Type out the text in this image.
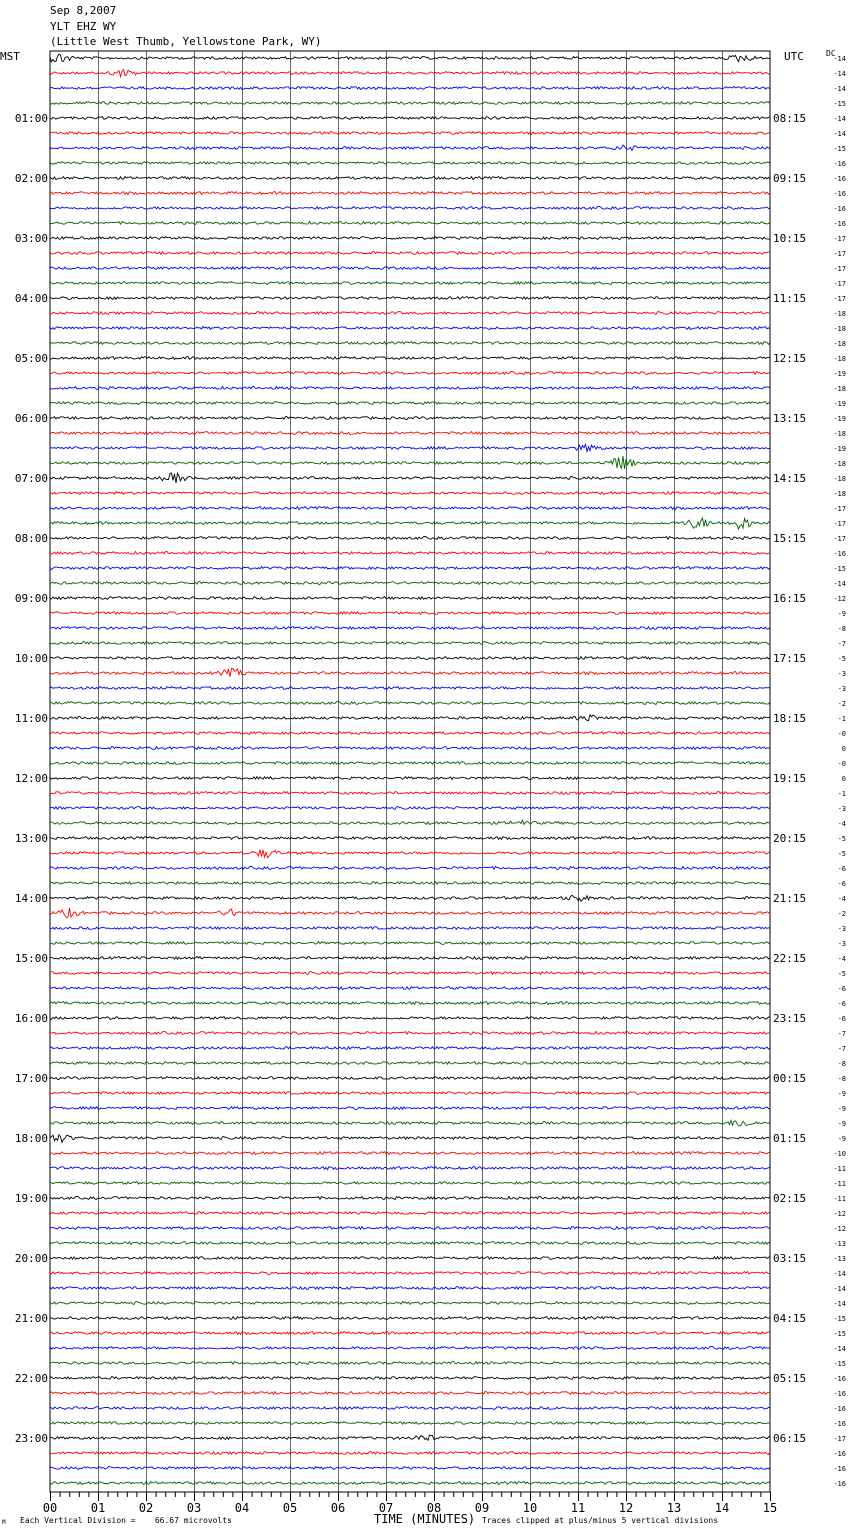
Sep 8,2007
YLT EHZ WY
(Little West Thumb, Yellowstone Park, WY)
MST	UTC	DC
00	01	02	03	04	05	06	07	08	09	10	11	12	13	14	15
-14
-14
-14
-15
-14
01:00	08:15
-14
-15
-16
-16
02:00	09:15
-16
-16
-16
-17
03:00	10:15
-17
-17
-17
-17
04:00	11:15
-18
-18
-18
-18
05:00	12:15
-19
-18
-19
-19
06:00	13:15
-18
-19
-18
-18
07:00	14:15
-18
-17
-17
-17
08:00	15:15
-16
-15
-14
-12
09:00	16:15
-9
-8
-7
-5
10:00	17:15
-3
-3
-2
-1
11:00	18:15
-0
0
-0
0
12:00	19:15
-1
-3
-4
-5
13:00	20:15
-5
-6
-6
-4
14:00	21:15
-2
-3
-3
-4
15:00	22:15
-5
-6
-6
-6
16:00	23:15
-7
-7
-8
-8
17:00	00:15
-9
-9
-9
-9
18:00	01:15
-10
-11
-11
-11
19:00	02:15
-12
-12
-13
-13
20:00	03:15
-14
-14
-14
-15
21:00	04:15
-15
-14
-15
-16
22:00	05:15
-16
-16
-16
-17
23:00	06:15
-16
-16
-16
Each Vertical Division =    66.67 microvolts	TIME (MINUTES) Traces clipped at plus/minus 5 vertical divisions
M
